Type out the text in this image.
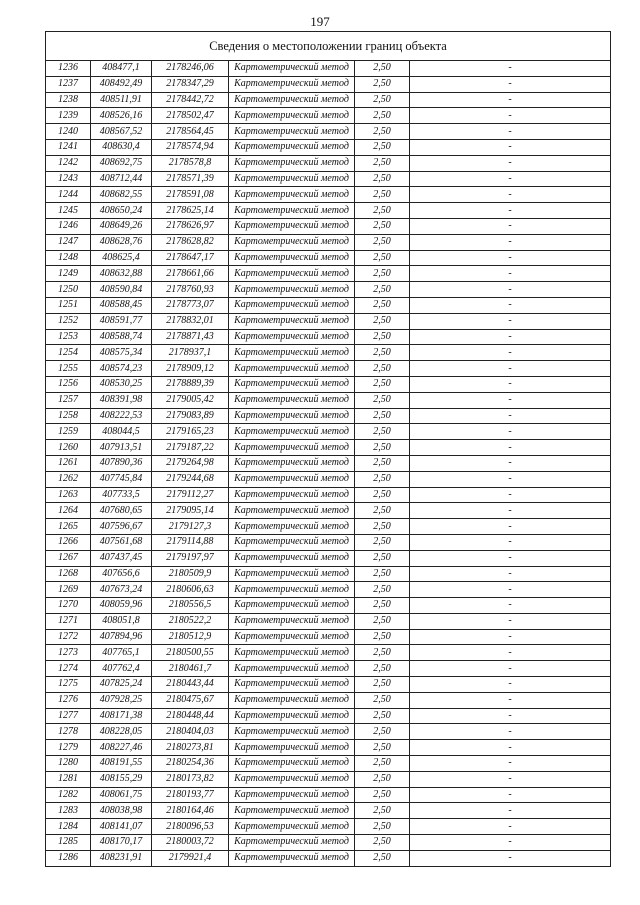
197
Сведения о местоположении границ объекта					
1236	408477,1	2178246,06	Картометрический метод	2,50	-
1237	408492,49	2178347,29	Картометрический метод	2,50	-
1238	408511,91	2178442,72	Картометрический метод	2,50	-
1239	408526,16	2178502,47	Картометрический метод	2,50	-
1240	408567,52	2178564,45	Картометрический метод	2,50	-
1241	408630,4	2178574,94	Картометрический метод	2,50	-
1242	408692,75	2178578,8	Картометрический метод	2,50	-
1243	408712,44	2178571,39	Картометрический метод	2,50	-
1244	408682,55	2178591,08	Картометрический метод	2,50	-
1245	408650,24	2178625,14	Картометрический метод	2,50	-
1246	408649,26	2178626,97	Картометрический метод	2,50	-
1247	408628,76	2178628,82	Картометрический метод	2,50	-
1248	408625,4	2178647,17	Картометрический метод	2,50	-
1249	408632,88	2178661,66	Картометрический метод	2,50	-
1250	408590,84	2178760,93	Картометрический метод	2,50	-
1251	408588,45	2178773,07	Картометрический метод	2,50	-
1252	408591,77	2178832,01	Картометрический метод	2,50	-
1253	408588,74	2178871,43	Картометрический метод	2,50	-
1254	408575,34	2178937,1	Картометрический метод	2,50	-
1255	408574,23	2178909,12	Картометрический метод	2,50	-
1256	408530,25	2178889,39	Картометрический метод	2,50	-
1257	408391,98	2179005,42	Картометрический метод	2,50	-
1258	408222,53	2179083,89	Картометрический метод	2,50	-
1259	408044,5	2179165,23	Картометрический метод	2,50	-
1260	407913,51	2179187,22	Картометрический метод	2,50	-
1261	407890,36	2179264,98	Картометрический метод	2,50	-
1262	407745,84	2179244,68	Картометрический метод	2,50	-
1263	407733,5	2179112,27	Картометрический метод	2,50	-
1264	407680,65	2179095,14	Картометрический метод	2,50	-
1265	407596,67	2179127,3	Картометрический метод	2,50	-
1266	407561,68	2179114,88	Картометрический метод	2,50	-
1267	407437,45	2179197,97	Картометрический метод	2,50	-
1268	407656,6	2180509,9	Картометрический метод	2,50	-
1269	407673,24	2180606,63	Картометрический метод	2,50	-
1270	408059,96	2180556,5	Картометрический метод	2,50	-
1271	408051,8	2180522,2	Картометрический метод	2,50	-
1272	407894,96	2180512,9	Картометрический метод	2,50	-
1273	407765,1	2180500,55	Картометрический метод	2,50	-
1274	407762,4	2180461,7	Картометрический метод	2,50	-
1275	407825,24	2180443,44	Картометрический метод	2,50	-
1276	407928,25	2180475,67	Картометрический метод	2,50	-
1277	408171,38	2180448,44	Картометрический метод	2,50	-
1278	408228,05	2180404,03	Картометрический метод	2,50	-
1279	408227,46	2180273,81	Картометрический метод	2,50	-
1280	408191,55	2180254,36	Картометрический метод	2,50	-
1281	408155,29	2180173,82	Картометрический метод	2,50	-
1282	408061,75	2180193,77	Картометрический метод	2,50	-
1283	408038,98	2180164,46	Картометрический метод	2,50	-
1284	408141,07	2180096,53	Картометрический метод	2,50	-
1285	408170,17	2180003,72	Картометрический метод	2,50	-
1286	408231,91	2179921,4	Картометрический метод	2,50	-
